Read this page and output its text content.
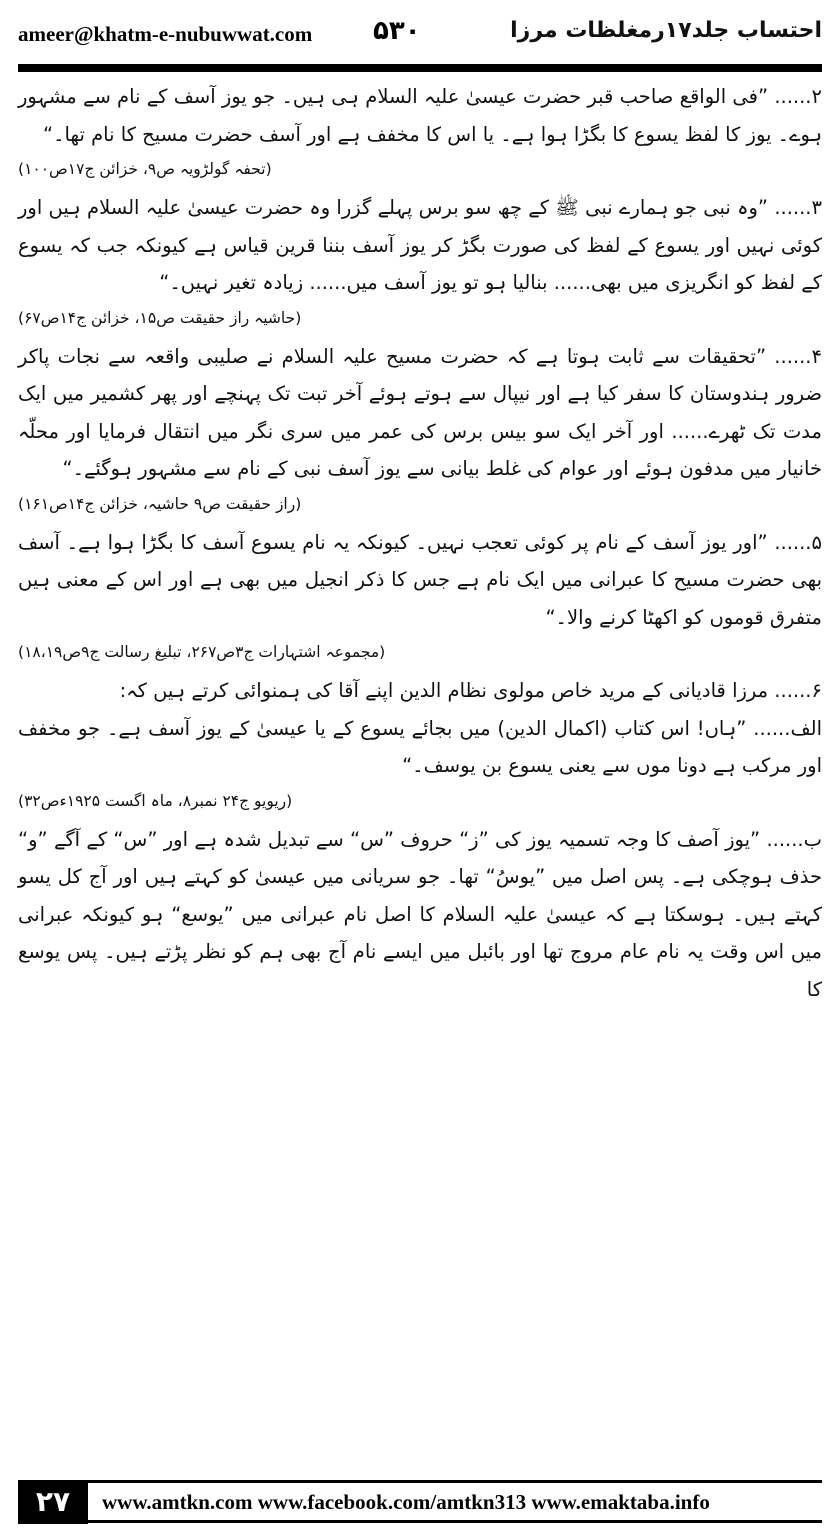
ameer@khatm-e-nubuwwat.com ۵۳۰	احتساب جلد۱۷رمغلظات مرزا

۲...... ”فی الواقع صاحب قبر حضرت عیسیٰ علیہ السلام ہی ہیں۔ جو یوز آسف کے نام سے مشہور ہوے۔ یوز کا لفظ یسوع کا بگڑا ہوا ہے۔ یا اس کا مخفف ہے اور آسف حضرت مسیح کا نام تھا۔“

(تحفہ گولڑویہ ص۹، خزائن ج۱۷ص۱۰۰)

۳...... ”وہ نبی جو ہمارے نبی ﷺ کے چھ سو برس پہلے گزرا وہ حضرت عیسیٰ علیہ السلام ہیں اور کوئی نہیں اور یسوع کے لفظ کی صورت بگڑ کر یوز آسف بننا قرین قیاس ہے کیونکہ جب کہ یسوع کے لفظ کو انگریزی میں بھی...... بنالیا ہو تو یوز آسف میں...... زیادہ تغیر نہیں۔“

(حاشیہ راز حقیقت ص۱۵، خزائن ج۱۴ص۶۷)

۴...... ”تحقیقات سے ثابت ہوتا ہے کہ حضرت مسیح علیہ السلام نے صلیبی واقعہ سے نجات پاکر ضرور ہندوستان کا سفر کیا ہے اور نیپال سے ہوتے ہوئے آخر تبت تک پہنچے اور پھر کشمیر میں ایک مدت تک ٹھرے...... اور آخر ایک سو بیس برس کی عمر میں سری نگر میں انتقال فرمایا اور محلّہ خانیار میں مدفون ہوئے اور عوام کی غلط بیانی سے یوز آسف نبی کے نام سے مشہور ہوگئے۔“

(راز حقیقت ص۹ حاشیہ، خزائن ج۱۴ص۱۶۱)

۵...... ”اور یوز آسف کے نام پر کوئی تعجب نہیں۔ کیونکہ یہ نام یسوع آسف کا بگڑا ہوا ہے۔ آسف بھی حضرت مسیح کا عبرانی میں ایک نام ہے جس کا ذکر انجیل میں بھی ہے اور اس کے معنی ہیں متفرق قوموں کو اکھٹا کرنے والا۔“

(مجموعہ اشتہارات ج۳ص۲۶۷، تبلیغ رسالت ج۹ص۱۸،۱۹)

۶...... مرزا قادیانی کے مرید خاص مولوی نظام الدین اپنے آقا کی ہمنوائی کرتے ہیں کہ:

الف...... ”ہاں! اس کتاب (اکمال الدین) میں بجائے یسوع کے یا عیسیٰ کے یوز آسف ہے۔ جو مخفف اور مرکب ہے دونا موں سے یعنی یسوع بن یوسف۔“

(ریویو ج۲۴ نمبر۸، ماہ اگست ۱۹۲۵ءص۳۲)

ب...... ”یوز آصف کا وجہ تسمیہ یوز کی ”ز“ حروف ”س“ سے تبدیل شدہ ہے اور ”س“ کے آگے ”و“ حذف ہوچکی ہے۔ پس اصل میں ”یوسُ“ تھا۔ جو سریانی میں عیسیٰ کو کہتے ہیں اور آج کل یسو کہتے ہیں۔ ہوسکتا ہے کہ عیسیٰ علیہ السلام کا اصل نام عبرانی میں ”یوسع“ ہو کیونکہ عبرانی میں اس وقت یہ نام عام مروج تھا اور بائبل میں ایسے نام آج بھی ہم کو نظر پڑتے ہیں۔ پس یوسع کا

۲۷	www.amtkn.com www.facebook.com/amtkn313 www.emaktaba.info
